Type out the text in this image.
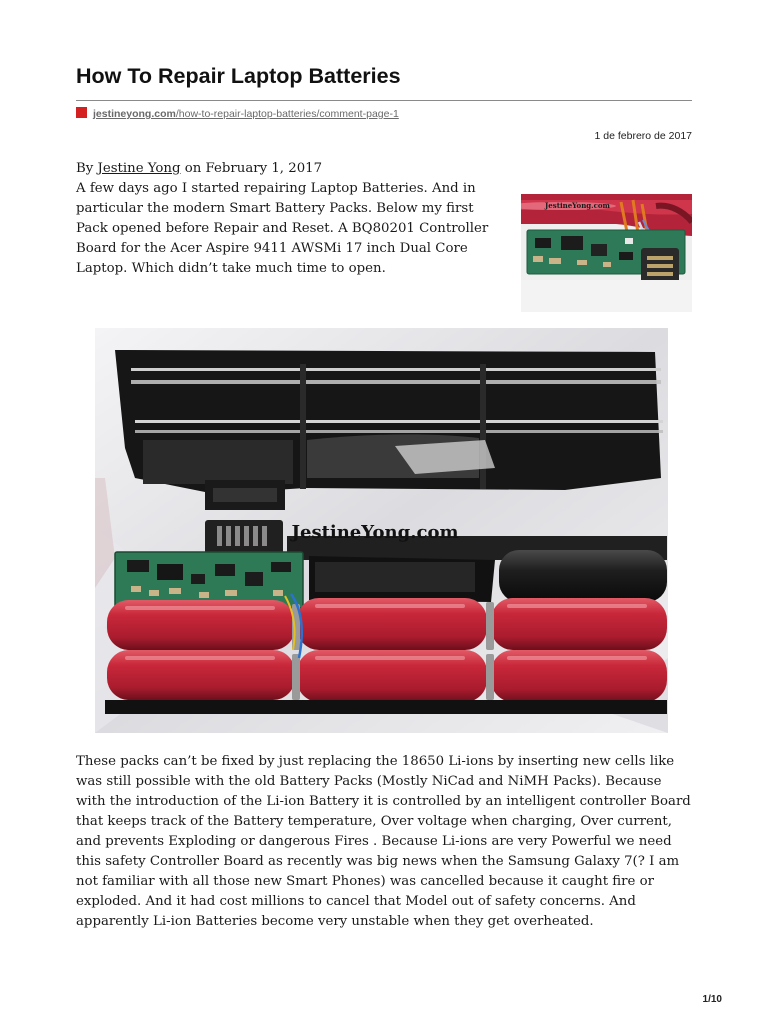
How To Repair Laptop Batteries
jestineyong.com/how-to-repair-laptop-batteries/comment-page-1
1 de febrero de 2017
By Jestine Yong on February 1, 2017
A few days ago I started repairing Laptop Batteries. And in particular the modern Smart Battery Packs. Below my first Pack opened before Repair and Reset. A BQ80201 Controller Board for the Acer Aspire 9411 AWSMi 17 inch Dual Core Laptop. Which didn’t take much time to open.
JestineYong.com
JestineYong.com
These packs can’t be fixed by just replacing the 18650 Li-ions by inserting new cells like was still possible with the old Battery Packs (Mostly NiCad and NiMH Packs). Because with the introduction of the Li-ion Battery it is controlled by an intelligent controller Board that keeps track of the Battery temperature, Over voltage when charging, Over current, and prevents Exploding or dangerous Fires . Because Li-ions are very Powerful we need this safety Controller Board as recently was big news when the Samsung Galaxy 7(? I am not familiar with all those new Smart Phones) was cancelled because it caught fire or exploded. And it had cost millions to cancel that Model out of safety concerns. And apparently Li-ion Batteries become very unstable when they get overheated.
1/10
